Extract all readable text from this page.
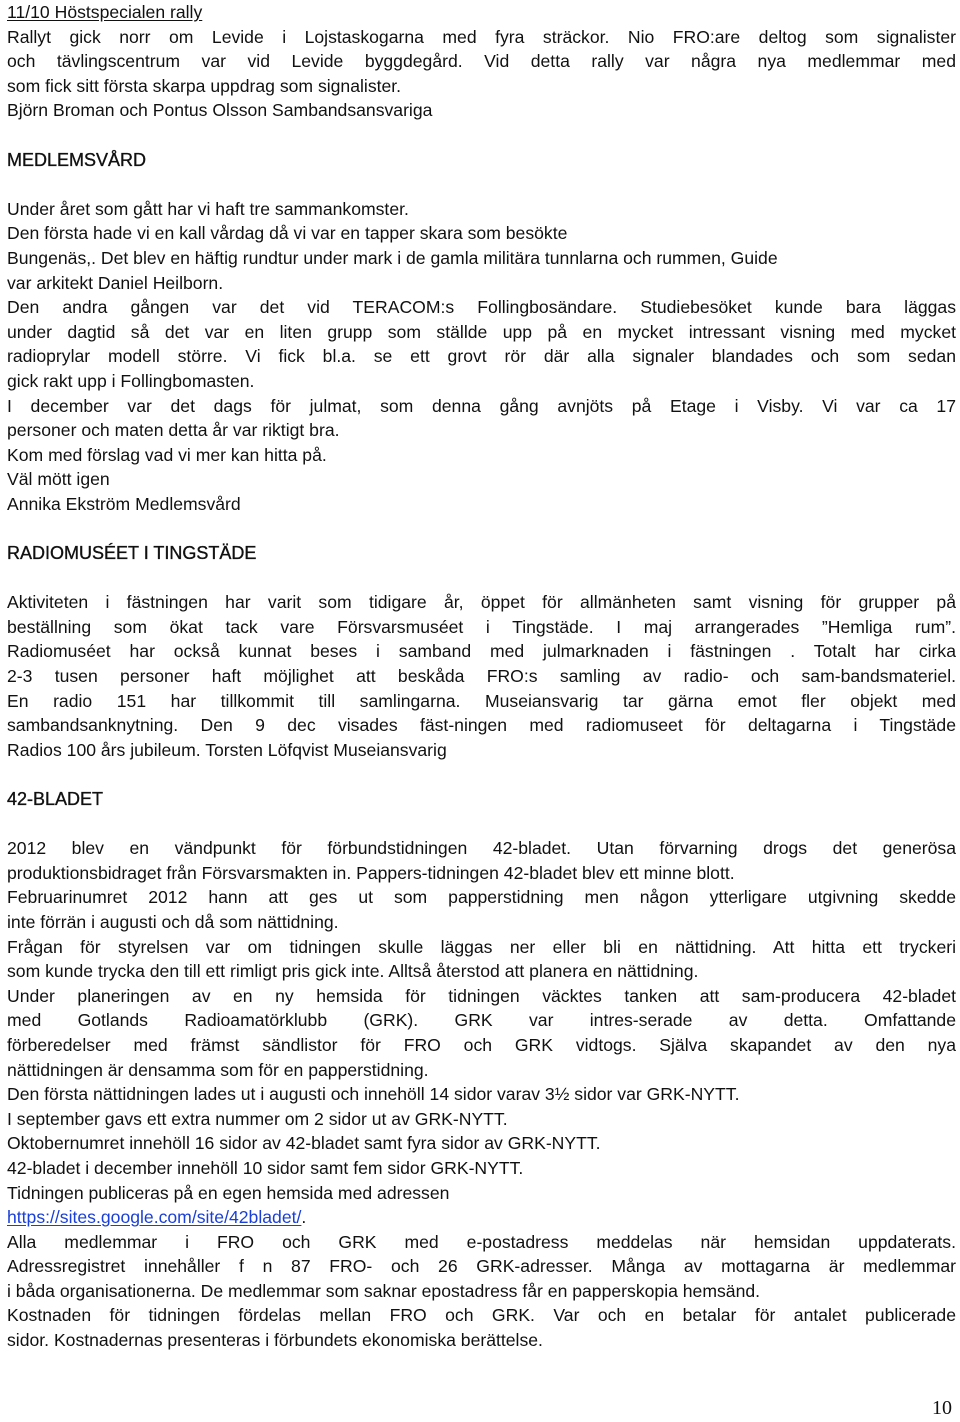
11/10 Höstspecialen rally
Rallyt gick norr om Levide i Lojstaskogarna med fyra sträckor. Nio FRO:are deltog som signalister
och tävlingscentrum var vid Levide byggdegård. Vid detta rally var några nya medlemmar med
som fick sitt första skarpa uppdrag som signalister.
Björn Broman och Pontus Olsson Sambandsansvariga
MEDLEMSVÅRD
Under året som gått har vi haft tre sammankomster.
Den första hade vi en kall vårdag då vi var en tapper skara som besökte
Bungenäs,. Det blev en häftig rundtur under mark i de gamla militära tunnlarna och rummen, Guide
var arkitekt Daniel Heilborn.
Den andra gången var det vid TERACOM:s Follingbosändare. Studiebesöket kunde bara läggas
under dagtid så det var en liten grupp som ställde upp på en mycket intressant visning med mycket
radioprylar modell större. Vi fick bl.a. se ett grovt rör där alla signaler blandades och som sedan
gick rakt upp i Follingbomasten.
I december var det dags för julmat, som denna gång avnjöts på Etage i Visby. Vi var ca 17
personer och maten detta år var riktigt bra.
Kom med förslag vad vi mer kan hitta på.
Väl mött igen
Annika Ekström Medlemsvård
RADIOMUSÉET I TINGSTÄDE
Aktiviteten i fästningen har varit som tidigare år, öppet för allmänheten samt visning för grupper på
beställning som ökat tack vare Försvarsmuséet i Tingstäde. I maj arrangerades ”Hemliga rum”.
Radiomuséet har också kunnat beses i samband med julmarknaden i fästningen . Totalt har cirka
2-3 tusen personer haft möjlighet att beskåda FRO:s samling av radio- och sam-bandsmateriel.
En radio 151 har tillkommit till samlingarna. Museiansvarig tar gärna emot fler objekt med
sambandsanknytning. Den 9 dec visades fäst-ningen med radiomuseet för deltagarna i Tingstäde
Radios 100 års jubileum. Torsten Löfqvist Museiansvarig
42-BLADET
2012 blev en vändpunkt för förbundstidningen 42-bladet. Utan förvarning drogs det generösa
produktionsbidraget från Försvarsmakten in. Pappers-tidningen 42-bladet blev ett minne blott.
Februarinumret 2012 hann att ges ut som papperstidning men någon ytterligare utgivning skedde
inte förrän i augusti och då som nättidning.
Frågan för styrelsen var om tidningen skulle läggas ner eller bli en nättidning. Att hitta ett tryckeri
som kunde trycka den till ett rimligt pris gick inte. Alltså återstod att planera en nättidning.
Under planeringen av en ny hemsida för tidningen väcktes tanken att sam-producera 42-bladet
med Gotlands Radioamatörklubb (GRK). GRK var intres-serade av detta. Omfattande
förberedelser med främst sändlistor för FRO och GRK vidtogs. Själva skapandet av den nya
nättidningen är densamma som för en papperstidning.
Den första nättidningen lades ut i augusti och innehöll 14 sidor varav 3½ sidor var GRK-NYTT.
I september gavs ett extra nummer om 2 sidor ut av GRK-NYTT.
Oktobernumret innehöll 16 sidor av 42-bladet samt fyra sidor av GRK-NYTT.
42-bladet i december innehöll 10 sidor samt fem sidor GRK-NYTT.
Tidningen publiceras på en egen hemsida med adressen
https://sites.google.com/site/42bladet/.
Alla medlemmar i FRO och GRK med e-postadress meddelas när hemsidan uppdaterats.
Adressregistret innehåller f n 87 FRO- och 26 GRK-adresser. Många av mottagarna är medlemmar
i båda organisationerna. De medlemmar som saknar epostadress får en papperskopia hemsänd.
Kostnaden för tidningen fördelas mellan FRO och GRK. Var och en betalar för antalet publicerade
sidor. Kostnadernas presenteras i förbundets ekonomiska berättelse.
10
